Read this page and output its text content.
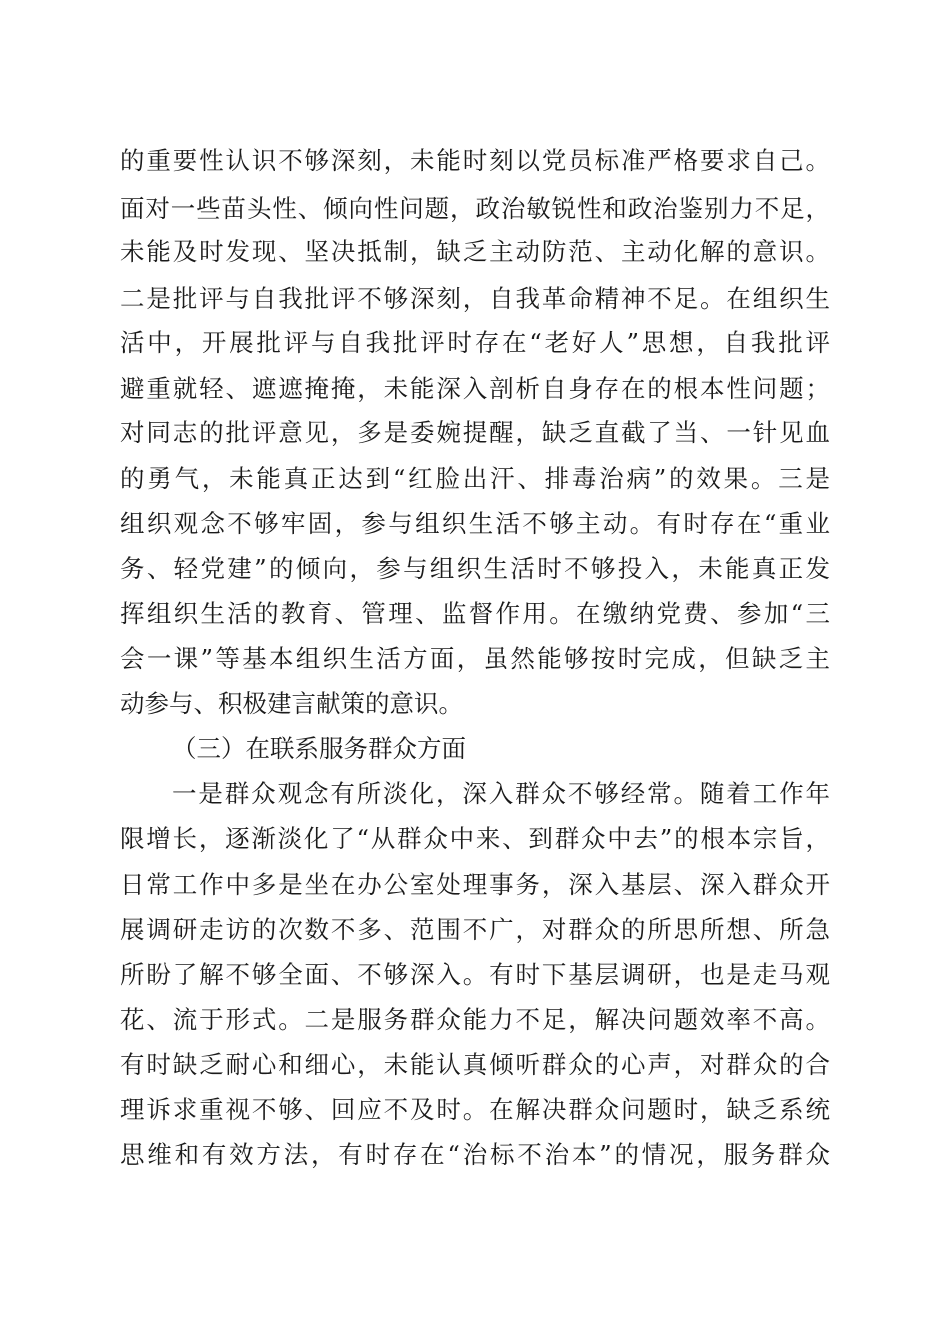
的重要性认识不够深刻，未能时刻以党员标准严格要求自己。
面对一些苗头性、倾向性问题，政治敏锐性和政治鉴别力不足，
未能及时发现、坚决抵制，缺乏主动防范、主动化解的意识。
二是批评与自我批评不够深刻，自我革命精神不足。在组织生
活中，开展批评与自我批评时存在“老好人”思想，自我批评
避重就轻、遮遮掩掩，未能深入剖析自身存在的根本性问题；
对同志的批评意见，多是委婉提醒，缺乏直截了当、一针见血
的勇气，未能真正达到“红脸出汗、排毒治病”的效果。三是
组织观念不够牢固，参与组织生活不够主动。有时存在“重业
务、轻党建”的倾向，参与组织生活时不够投入，未能真正发
挥组织生活的教育、管理、监督作用。在缴纳党费、参加“三
会一课”等基本组织生活方面，虽然能够按时完成，但缺乏主
动参与、积极建言献策的意识。
（三）在联系服务群众方面
一是群众观念有所淡化，深入群众不够经常。随着工作年
限增长，逐渐淡化了“从群众中来、到群众中去”的根本宗旨，
日常工作中多是坐在办公室处理事务，深入基层、深入群众开
展调研走访的次数不多、范围不广，对群众的所思所想、所急
所盼了解不够全面、不够深入。有时下基层调研，也是走马观
花、流于形式。二是服务群众能力不足，解决问题效率不高。
有时缺乏耐心和细心，未能认真倾听群众的心声，对群众的合
理诉求重视不够、回应不及时。在解决群众问题时，缺乏系统
思维和有效方法，有时存在“治标不治本”的情况，服务群众
